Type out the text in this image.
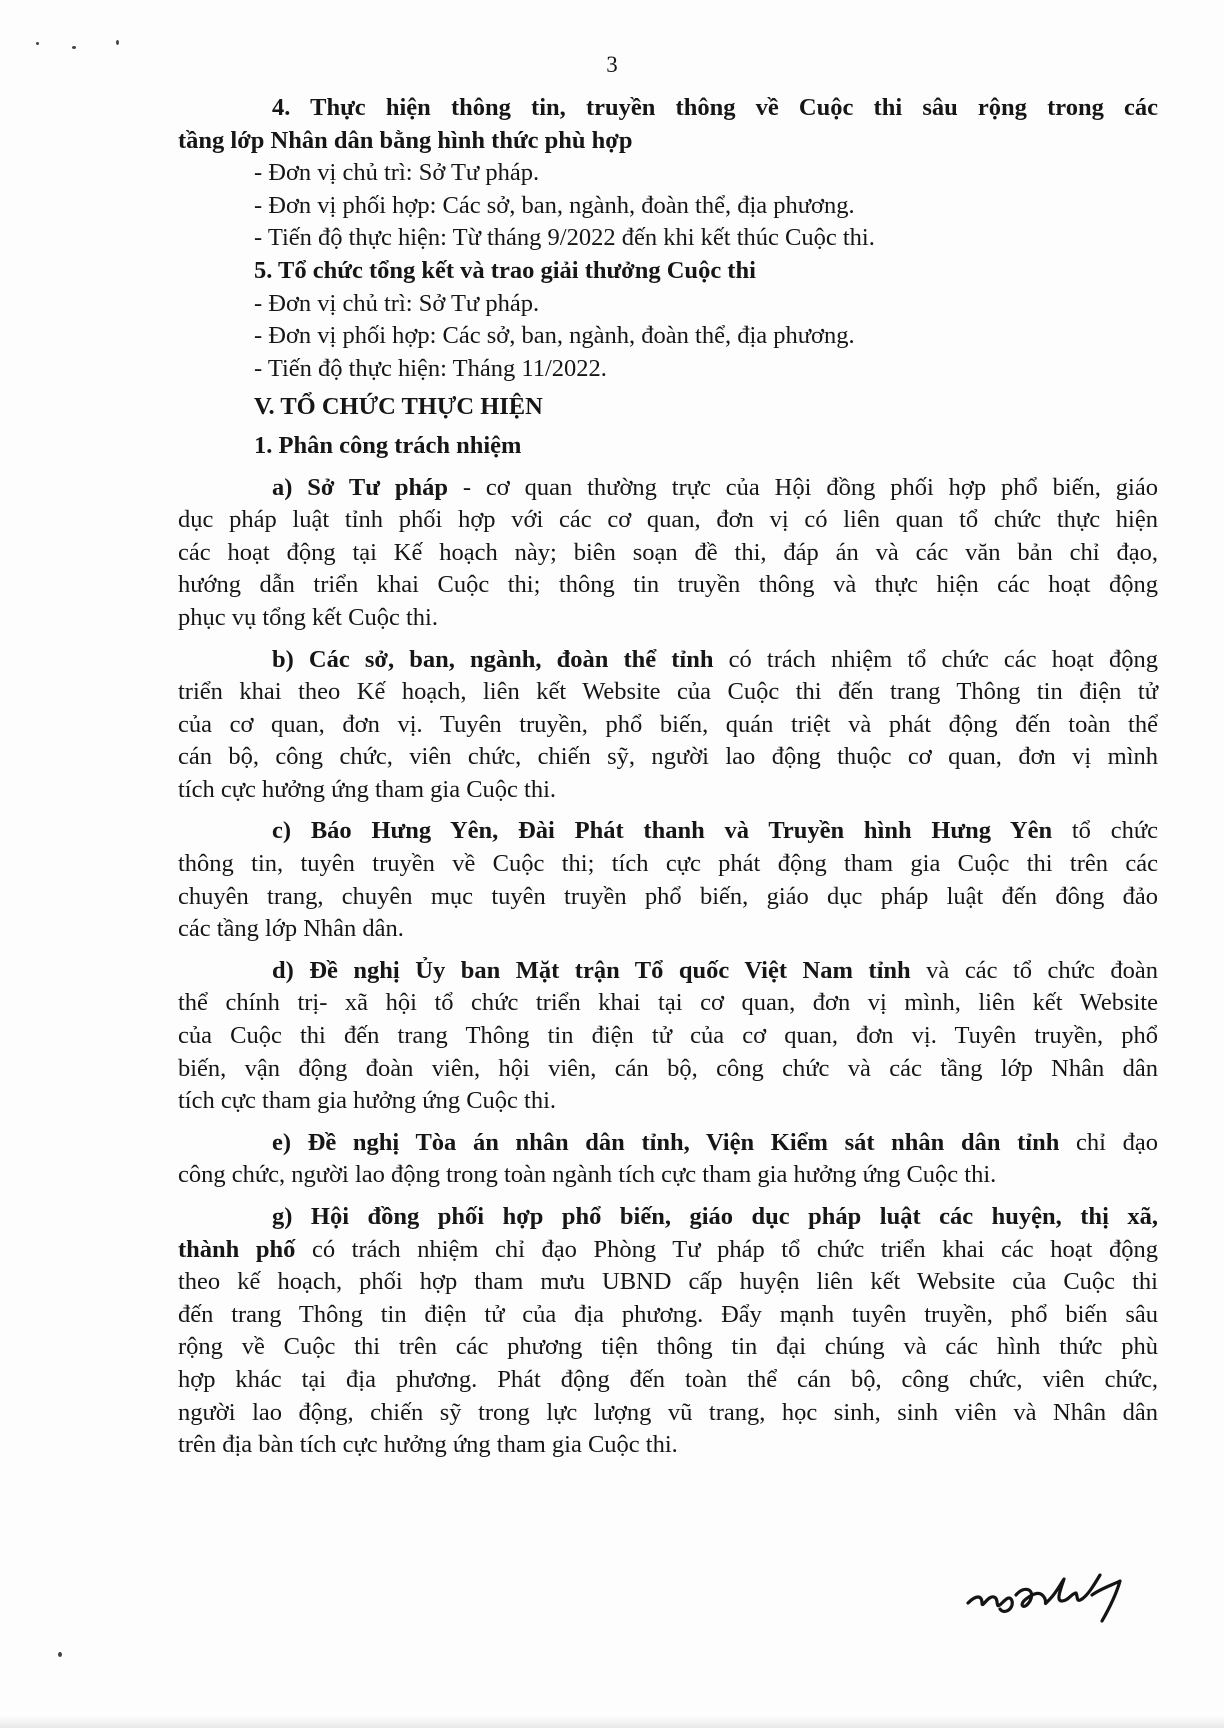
3
4. Thực hiện thông tin, truyền thông về Cuộc thi sâu rộng trong các
tầng lớp Nhân dân bằng hình thức phù hợp
- Đơn vị chủ trì: Sở Tư pháp.
- Đơn vị phối hợp: Các sở, ban, ngành, đoàn thể, địa phương.
- Tiến độ thực hiện: Từ tháng 9/2022 đến khi kết thúc Cuộc thi.
5. Tổ chức tổng kết và trao giải thưởng Cuộc thi
- Đơn vị chủ trì: Sở Tư pháp.
- Đơn vị phối hợp: Các sở, ban, ngành, đoàn thể, địa phương.
- Tiến độ thực hiện: Tháng 11/2022.
V. TỔ CHỨC THỰC HIỆN
1. Phân công trách nhiệm
a) Sở Tư pháp - cơ quan thường trực của Hội đồng phối hợp phổ biến, giáo
dục pháp luật tỉnh phối hợp với các cơ quan, đơn vị có liên quan tổ chức thực hiện
các hoạt động tại Kế hoạch này; biên soạn đề thi, đáp án và các văn bản chỉ đạo,
hướng dẫn triển khai Cuộc thi; thông tin truyền thông và thực hiện các hoạt động
phục vụ tổng kết Cuộc thi.
b) Các sở, ban, ngành, đoàn thể tỉnh có trách nhiệm tổ chức các hoạt động
triển khai theo Kế hoạch, liên kết Website của Cuộc thi đến trang Thông tin điện tử
của cơ quan, đơn vị. Tuyên truyền, phổ biến, quán triệt và phát động đến toàn thể
cán bộ, công chức, viên chức, chiến sỹ, người lao động thuộc cơ quan, đơn vị mình
tích cực hưởng ứng tham gia Cuộc thi.
c) Báo Hưng Yên, Đài Phát thanh và Truyền hình Hưng Yên tổ chức
thông tin, tuyên truyền về Cuộc thi; tích cực phát động tham gia Cuộc thi trên các
chuyên trang, chuyên mục tuyên truyền phổ biến, giáo dục pháp luật đến đông đảo
các tầng lớp Nhân dân.
d) Đề nghị Ủy ban Mặt trận Tổ quốc Việt Nam tỉnh và các tổ chức đoàn
thể chính trị- xã hội tổ chức triển khai tại cơ quan, đơn vị mình, liên kết Website
của Cuộc thi đến trang Thông tin điện tử của cơ quan, đơn vị. Tuyên truyền, phổ
biến, vận động đoàn viên, hội viên, cán bộ, công chức và các tầng lớp Nhân dân
tích cực tham gia hưởng ứng Cuộc thi.
e) Đề nghị Tòa án nhân dân tỉnh, Viện Kiểm sát nhân dân tỉnh chỉ đạo
công chức, người lao động trong toàn ngành tích cực tham gia hưởng ứng Cuộc thi.
g) Hội đồng phối hợp phổ biến, giáo dục pháp luật các huyện, thị xã,
thành phố có trách nhiệm chỉ đạo Phòng Tư pháp tổ chức triển khai các hoạt động
theo kế hoạch, phối hợp tham mưu UBND cấp huyện liên kết Website của Cuộc thi
đến trang Thông tin điện tử của địa phương. Đẩy mạnh tuyên truyền, phổ biến sâu
rộng về Cuộc thi trên các phương tiện thông tin đại chúng và các hình thức phù
hợp khác tại địa phương. Phát động đến toàn thể cán bộ, công chức, viên chức,
người lao động, chiến sỹ trong lực lượng vũ trang, học sinh, sinh viên và Nhân dân
trên địa bàn tích cực hưởng ứng tham gia Cuộc thi.
